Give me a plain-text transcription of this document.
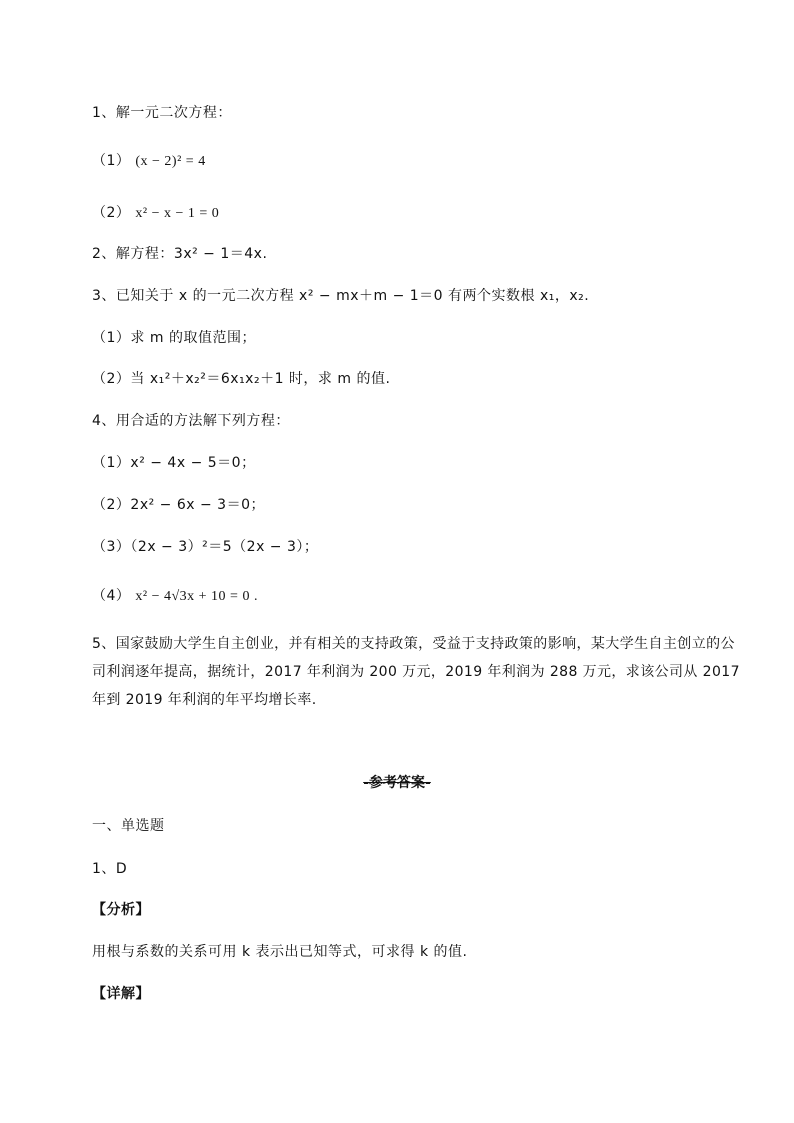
1、解一元二次方程：
（1） (x − 2)² = 4
（2） x² − x − 1 = 0
2、解方程：3x² − 1＝4x.
3、已知关于 x 的一元二次方程 x² − mx＋m − 1＝0 有两个实数根 x₁，x₂.
（1）求 m 的取值范围；
（2）当 x₁²＋x₂²＝6x₁x₂＋1 时，求 m 的值.
4、用合适的方法解下列方程：
（1）x² − 4x − 5＝0；
（2）2x² − 6x − 3＝0；
（3）（2x − 3）²＝5（2x − 3）；
（4） x² − 4√3x + 10 = 0 .
5、国家鼓励大学生自主创业，并有相关的支持政策，受益于支持政策的影响，某大学生自主创立的公司利润逐年提高，据统计，2017 年利润为 200 万元，2019 年利润为 288 万元，求该公司从 2017 年到 2019 年利润的年平均增长率.
-参考答案-
一、单选题
1、D
【分析】
用根与系数的关系可用 k 表示出已知等式，可求得 k 的值.
【详解】
